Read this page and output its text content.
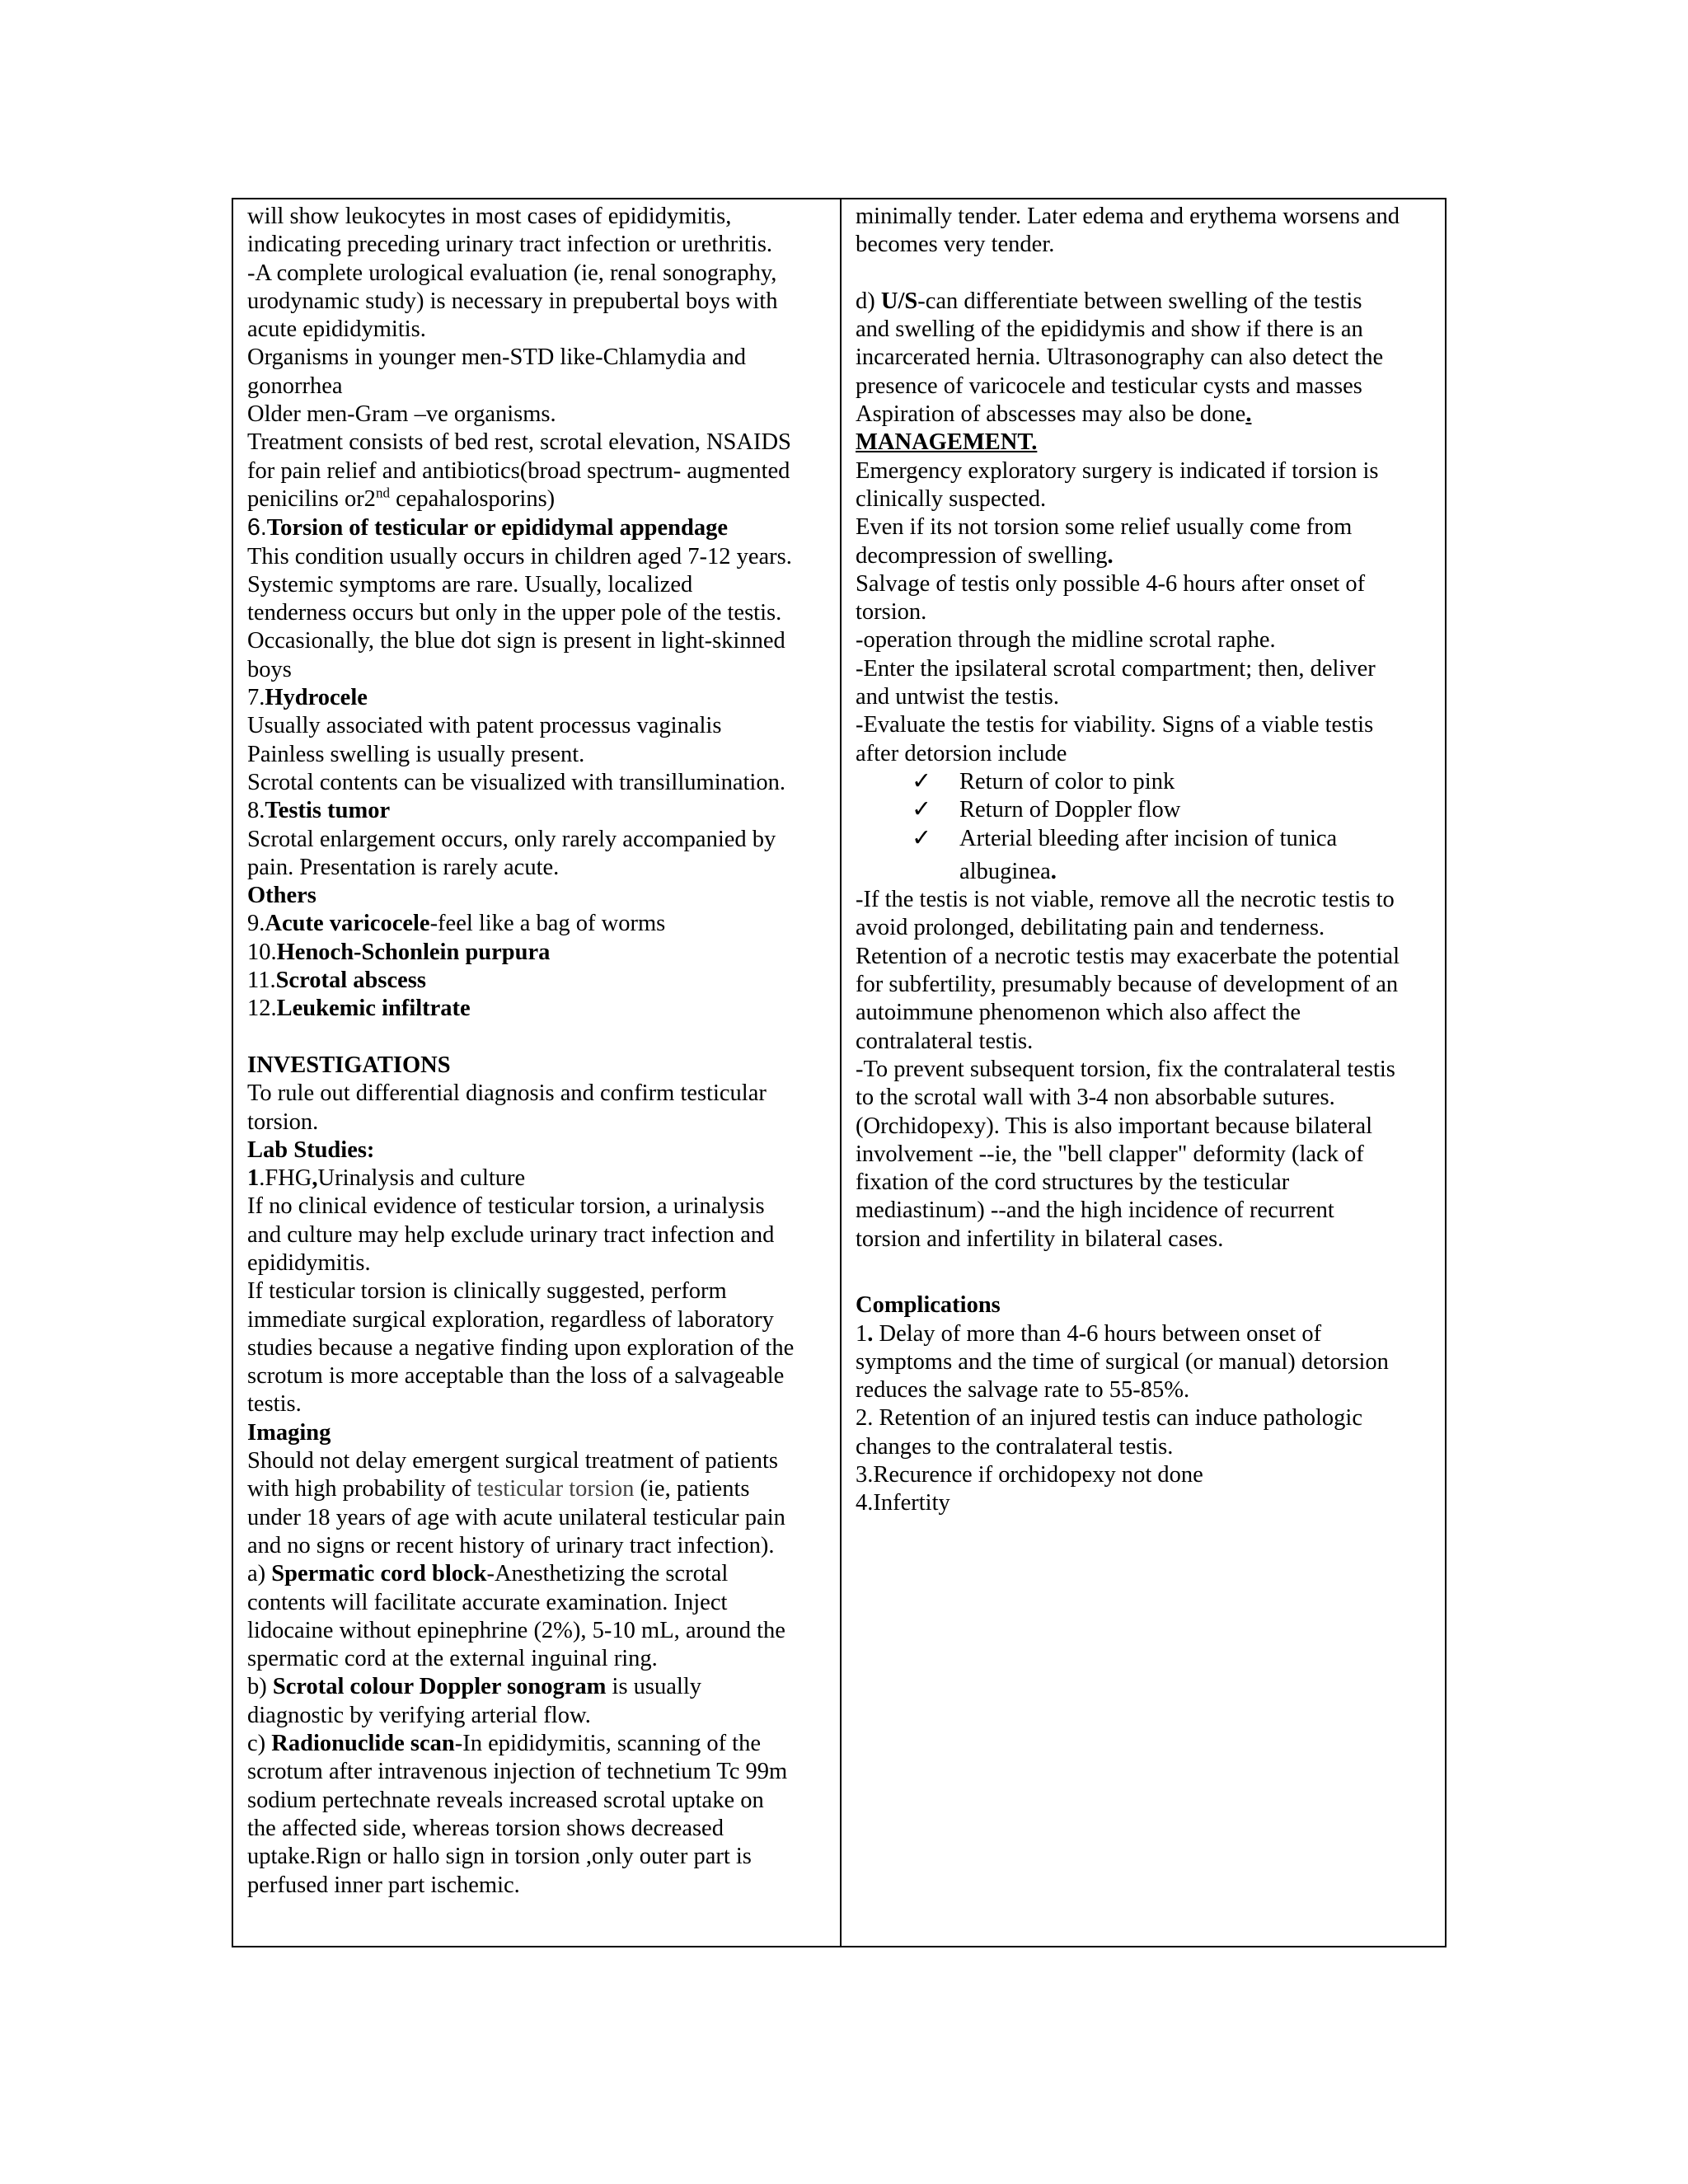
will show leukocytes in most cases of epididymitis,
indicating preceding urinary tract infection or urethritis.
-A complete urological evaluation (ie, renal sonography,
urodynamic study) is necessary in prepubertal boys with
acute epididymitis.
Organisms in younger men-STD like-Chlamydia and
gonorrhea
Older men-Gram –ve organisms.
Treatment consists of bed rest, scrotal elevation, NSAIDS
for pain relief and antibiotics(broad spectrum- augmented
penicilins or2nd cepahalosporins)
6.Torsion of testicular or epididymal appendage
This condition usually occurs in children aged 7-12 years.
Systemic symptoms are rare. Usually, localized
tenderness occurs but only in the upper pole of the testis.
Occasionally, the blue dot sign is present in light-skinned
boys
7.Hydrocele
Usually associated with patent processus vaginalis
Painless swelling is usually present.
Scrotal contents can be visualized with transillumination.
8.Testis tumor
Scrotal enlargement occurs, only rarely accompanied by
pain. Presentation is rarely acute.
Others
9.Acute varicocele-feel like a bag of worms
10.Henoch-Schonlein purpura
11.Scrotal abscess
12.Leukemic infiltrate
INVESTIGATIONS
To rule out differential diagnosis and confirm testicular
torsion.
Lab Studies:
1.FHG,Urinalysis and culture
If no clinical evidence of testicular torsion, a urinalysis
and culture may help exclude urinary tract infection and
epididymitis.
If testicular torsion is clinically suggested, perform
immediate surgical exploration, regardless of laboratory
studies because a negative finding upon exploration of the
scrotum is more acceptable than the loss of a salvageable
testis.
Imaging
Should not delay emergent surgical treatment of patients
with high probability of testicular torsion (ie, patients
under 18 years of age with acute unilateral testicular pain
and no signs or recent history of urinary tract infection).
a) Spermatic cord block-Anesthetizing the scrotal
contents will facilitate accurate examination. Inject
lidocaine without epinephrine (2%), 5-10 mL, around the
spermatic cord at the external inguinal ring.
b) Scrotal colour Doppler sonogram is usually
diagnostic by verifying arterial flow.
c) Radionuclide scan-In epididymitis, scanning of the
scrotum after intravenous injection of technetium Tc 99m
sodium pertechnate reveals increased scrotal uptake on
the affected side, whereas torsion shows decreased
uptake.Rign or hallo sign in torsion ,only outer part is
perfused inner part ischemic.
minimally tender. Later edema and erythema worsens and
becomes very tender.
d) U/S-can differentiate between swelling of the testis
and swelling of the epididymis and show if there is an
incarcerated hernia. Ultrasonography can also detect the
presence of varicocele and testicular cysts and masses
Aspiration of abscesses may also be done.
MANAGEMENT.
Emergency exploratory surgery is indicated if torsion is
clinically suspected.
Even if its not torsion some relief usually come from
decompression of swelling.
Salvage of testis only possible 4-6 hours after onset of
torsion.
-operation through the midline scrotal raphe.
-Enter the ipsilateral scrotal compartment; then, deliver
and untwist the testis.
-Evaluate the testis for viability. Signs of a viable testis
after detorsion include
✓	Return of color to pink
✓	Return of Doppler flow
✓	Arterial bleeding after incision of tunica
albuginea.
-If the testis is not viable, remove all the necrotic testis to
avoid prolonged, debilitating pain and tenderness.
Retention of a necrotic testis may exacerbate the potential
for subfertility, presumably because of development of an
autoimmune phenomenon which also affect the
contralateral testis.
-To prevent subsequent torsion, fix the contralateral testis
to the scrotal wall with 3-4 non absorbable sutures.
(Orchidopexy). This is also important because bilateral
involvement --ie, the "bell clapper" deformity (lack of
fixation of the cord structures by the testicular
mediastinum) --and the high incidence of recurrent
torsion and infertility in bilateral cases.
Complications
1. Delay of more than 4-6 hours between onset of
symptoms and the time of surgical (or manual) detorsion
reduces the salvage rate to 55-85%.
2. Retention of an injured testis can induce pathologic
changes to the contralateral testis.
3.Recurence if orchidopexy not done
4.Infertity
